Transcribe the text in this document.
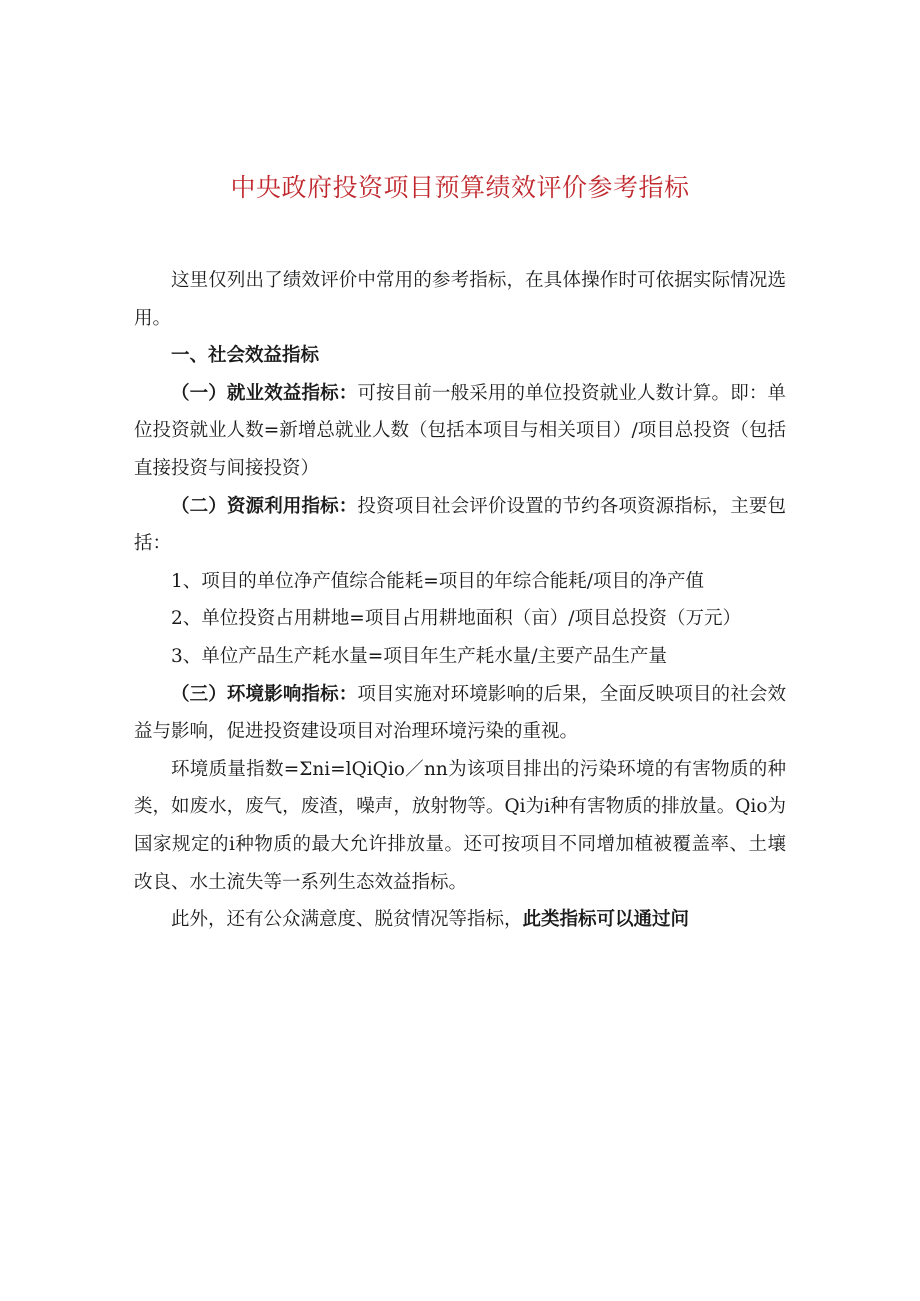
中央政府投资项目预算绩效评价参考指标

这里仅列出了绩效评价中常用的参考指标，在具体操作时可依据实际情况选用。

一、社会效益指标

（一）就业效益指标：可按目前一般采用的单位投资就业人数计算。即：单位投资就业人数=新增总就业人数（包括本项目与相关项目）/项目总投资（包括直接投资与间接投资）

（二）资源利用指标：投资项目社会评价设置的节约各项资源指标，主要包括：

1、项目的单位净产值综合能耗=项目的年综合能耗/项目的净产值

2、单位投资占用耕地=项目占用耕地面积（亩）/项目总投资（万元）

3、单位产品生产耗水量=项目年生产耗水量/主要产品生产量

（三）环境影响指标：项目实施对环境影响的后果，全面反映项目的社会效益与影响，促进投资建设项目对治理环境污染的重视。

环境质量指数=Σni=lQiQio／nn为该项目排出的污染环境的有害物质的种类，如废水，废气，废渣，噪声，放射物等。Qi为i种有害物质的排放量。Qio为国家规定的i种物质的最大允许排放量。还可按项目不同增加植被覆盖率、土壤改良、水土流失等一系列生态效益指标。

此外，还有公众满意度、脱贫情况等指标，此类指标可以通过问
